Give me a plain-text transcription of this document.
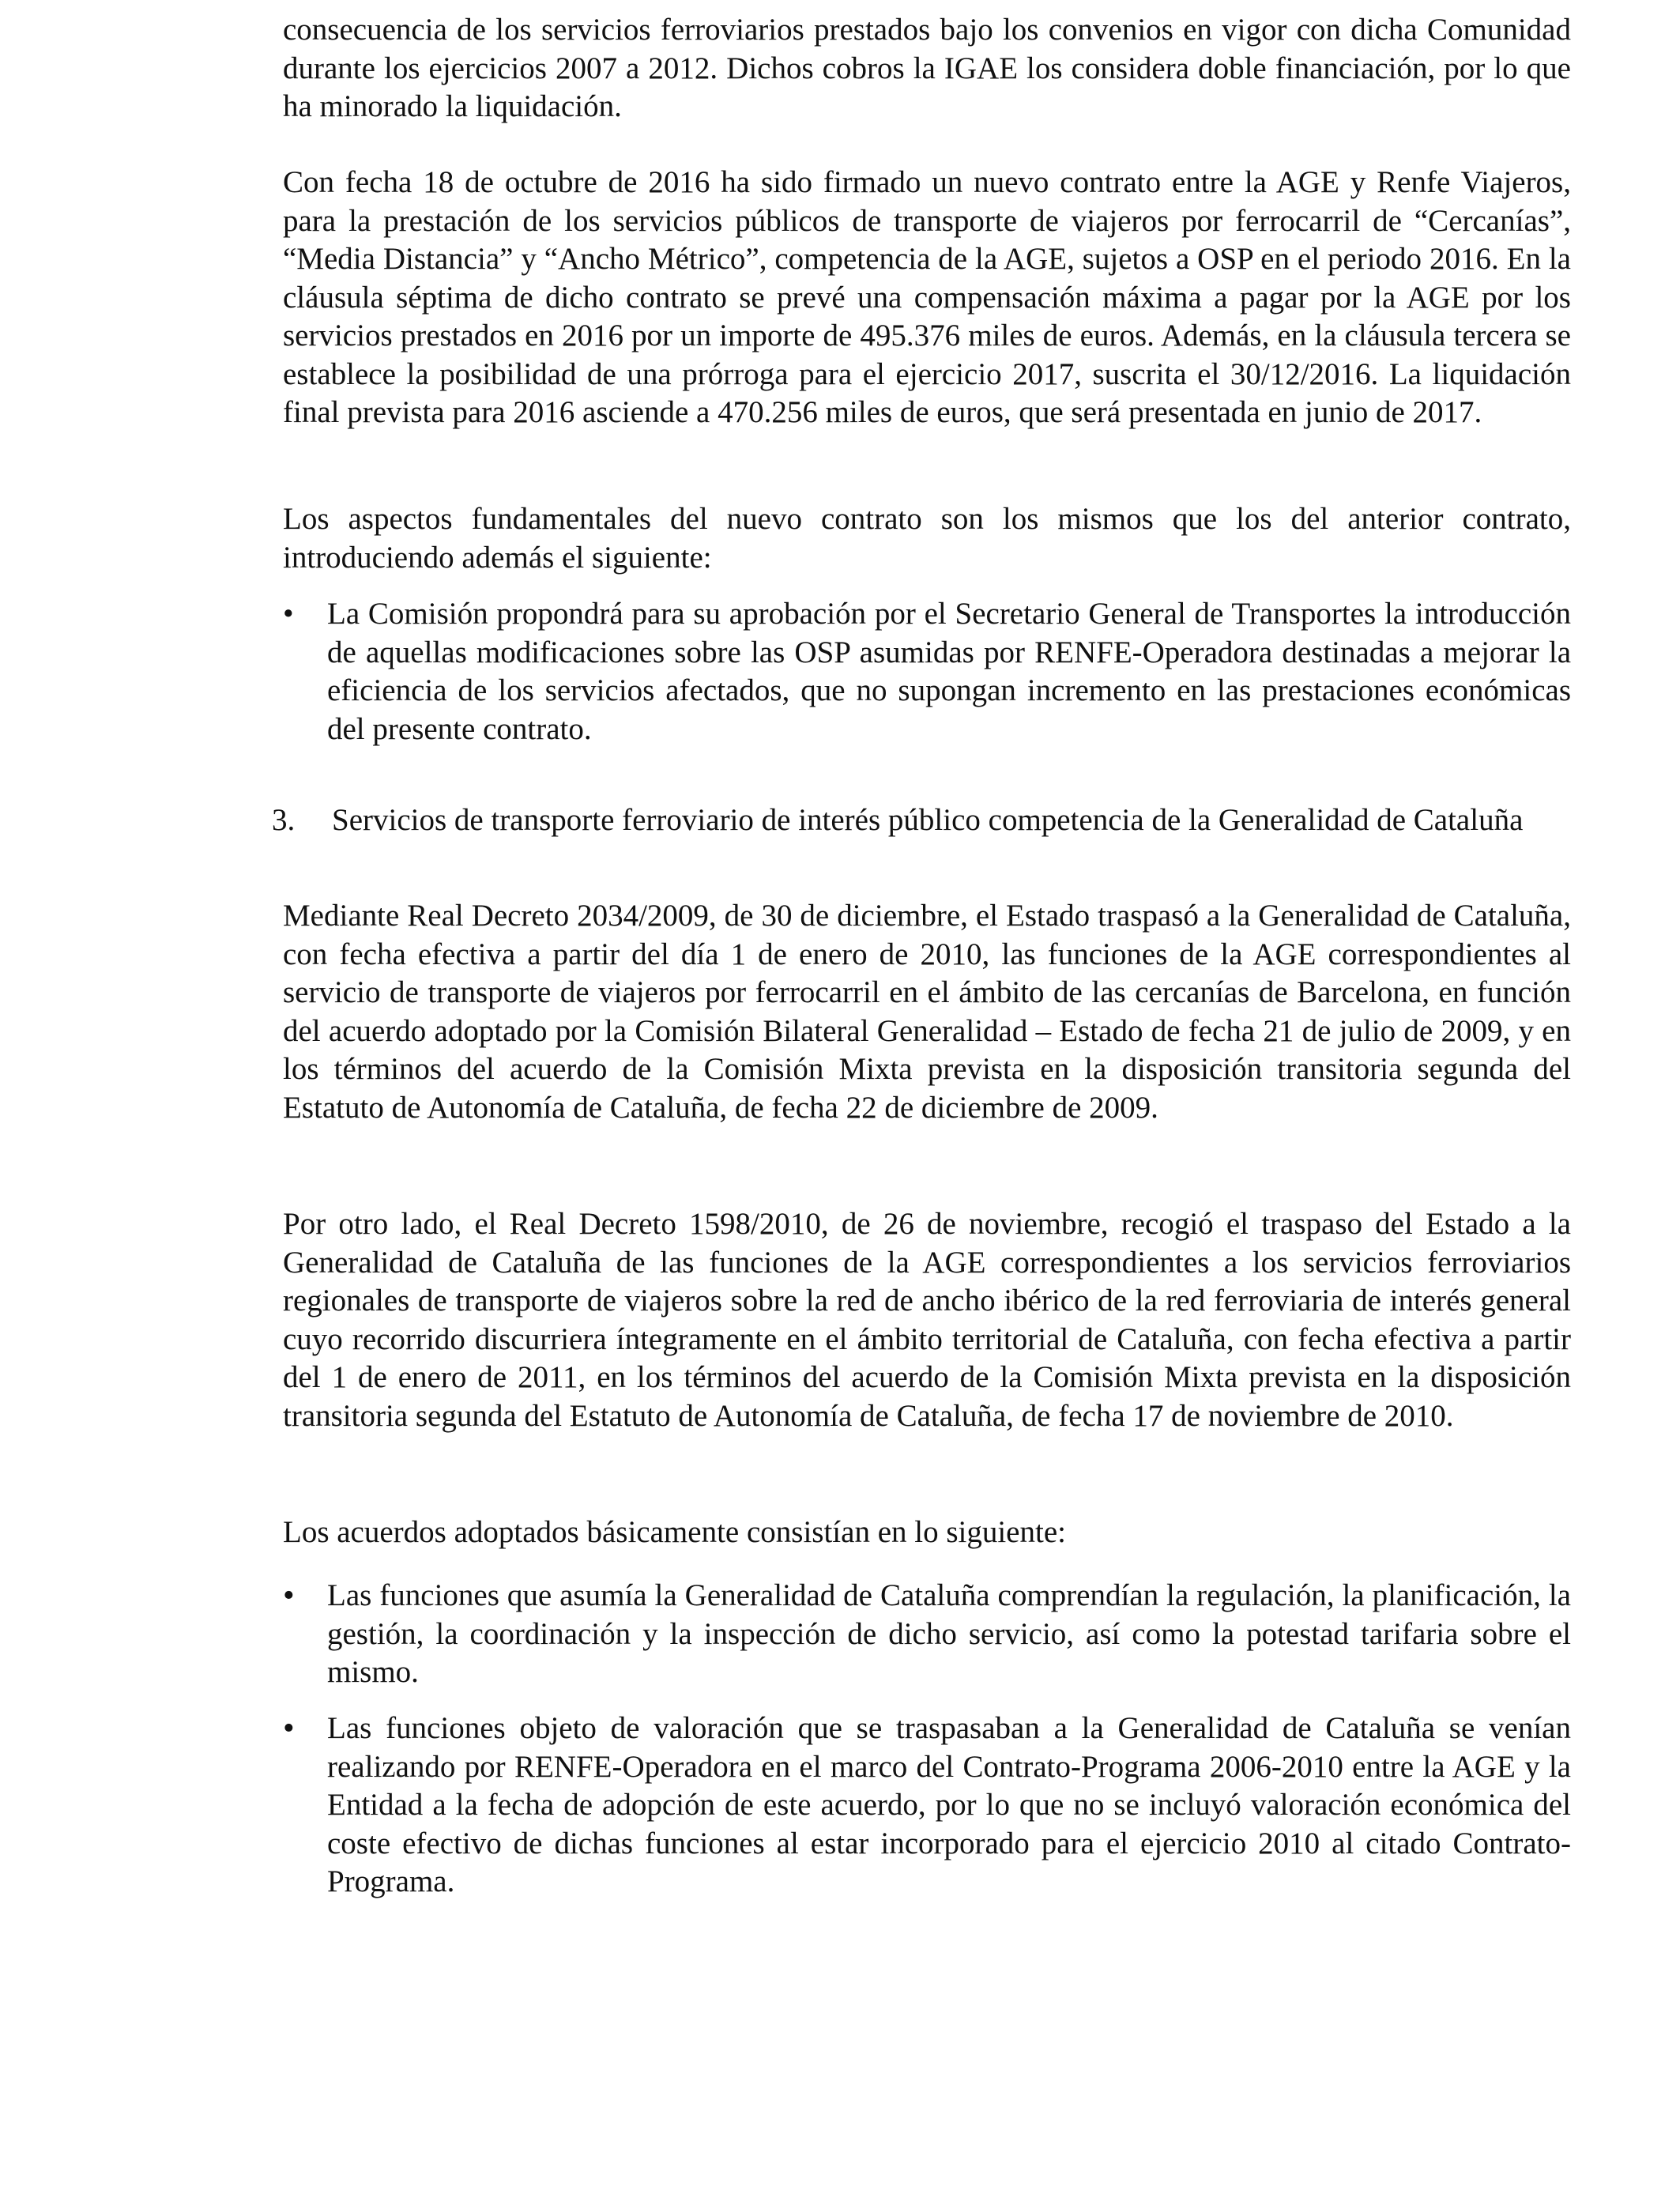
consecuencia de los servicios ferroviarios prestados bajo los convenios en vigor con dicha Comunidad durante los ejercicios 2007 a 2012. Dichos cobros la IGAE los considera doble financiación, por lo que ha minorado la liquidación.

Con fecha 18 de octubre de 2016 ha sido firmado un nuevo contrato entre la AGE y Renfe Viajeros, para la prestación de los servicios públicos de transporte de viajeros por ferrocarril de “Cercanías”, “Media Distancia” y “Ancho Métrico”, competencia de la AGE, sujetos a OSP en el periodo 2016. En la cláusula séptima de dicho contrato se prevé una compensación máxima a pagar por la AGE por los servicios prestados en 2016 por un importe de 495.376 miles de euros. Además, en la cláusula tercera se establece la posibilidad de una prórroga para el ejercicio 2017, suscrita el 30/12/2016. La liquidación final prevista para 2016 asciende a 470.256 miles de euros, que será presentada en junio de 2017.

Los aspectos fundamentales del nuevo contrato son los mismos que los del anterior contrato, introduciendo además el siguiente:

•	La Comisión propondrá para su aprobación por el Secretario General de Transportes la introducción de aquellas modificaciones sobre las OSP asumidas por RENFE-Operadora destinadas a mejorar la eficiencia de los servicios afectados, que no supongan incremento en las prestaciones económicas del presente contrato.
3. Servicios de transporte ferroviario de interés público competencia de la Generalidad de Cataluña

Mediante Real Decreto 2034/2009, de 30 de diciembre, el Estado traspasó a la Generalidad de Cataluña, con fecha efectiva a partir del día 1 de enero de 2010, las funciones de la AGE correspondientes al servicio de transporte de viajeros por ferrocarril en el ámbito de las cercanías de Barcelona, en función del acuerdo adoptado por la Comisión Bilateral Generalidad – Estado de fecha 21 de julio de 2009, y en los términos del acuerdo de la Comisión Mixta prevista en la disposición transitoria segunda del Estatuto de Autonomía de Cataluña, de fecha 22 de diciembre de 2009.

Por otro lado, el Real Decreto 1598/2010, de 26 de noviembre, recogió el traspaso del Estado a la Generalidad de Cataluña de las funciones de la AGE correspondientes a los servicios ferroviarios regionales de transporte de viajeros sobre la red de ancho ibérico de la red ferroviaria de interés general cuyo recorrido discurriera íntegramente en el ámbito territorial de Cataluña, con fecha efectiva a partir del 1 de enero de 2011, en los términos del acuerdo de la Comisión Mixta prevista en la disposición transitoria segunda del Estatuto de Autonomía de Cataluña, de fecha 17 de noviembre de 2010.

Los acuerdos adoptados básicamente consistían en lo siguiente:

•	Las funciones que asumía la Generalidad de Cataluña comprendían la regulación, la planificación, la gestión, la coordinación y la inspección de dicho servicio, así como la potestad tarifaria sobre el mismo.
•	Las funciones objeto de valoración que se traspasaban a la Generalidad de Cataluña se venían realizando por RENFE-Operadora en el marco del Contrato-Programa 2006-2010 entre la AGE y la Entidad a la fecha de adopción de este acuerdo, por lo que no se incluyó valoración económica del coste efectivo de dichas funciones al estar incorporado para el ejercicio 2010 al citado Contrato-Programa.
